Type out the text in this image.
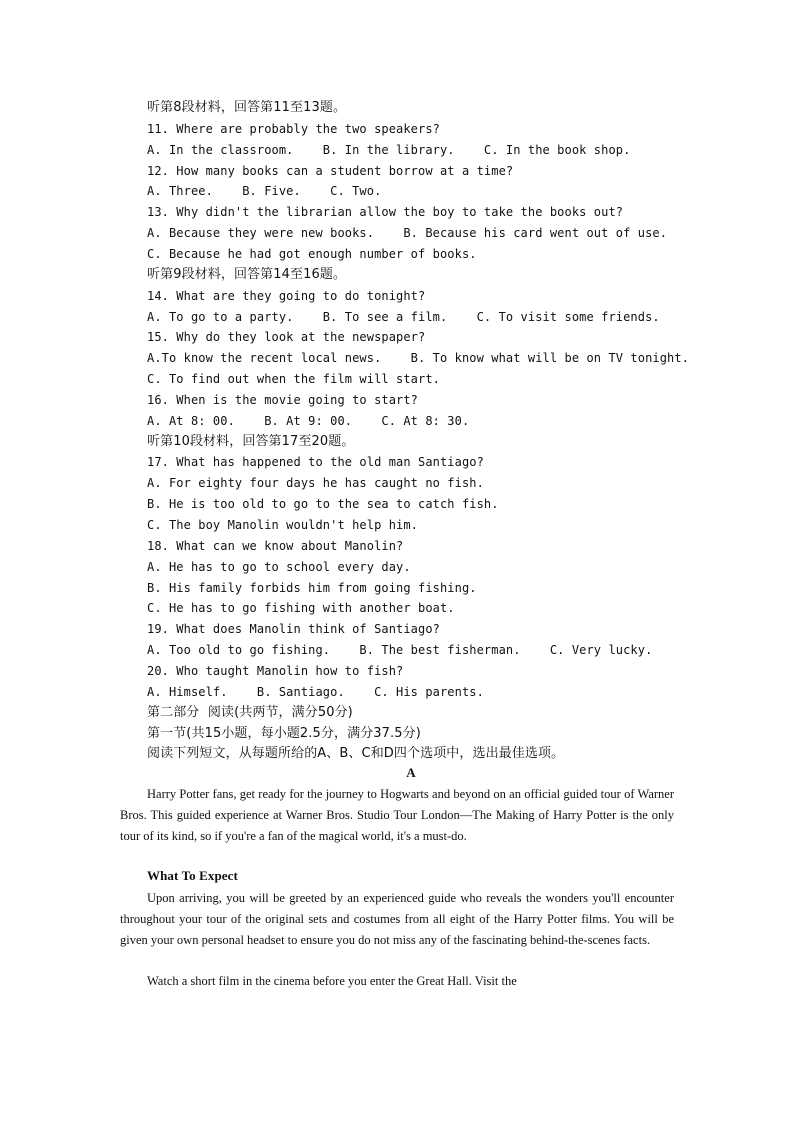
听第8段材料，回答第11至13题。
11. Where are probably the two speakers?
A. In the classroom.    B. In the library.    C. In the book shop.
12. How many books can a student borrow at a time?
A. Three.    B. Five.    C. Two.
13. Why didn't the librarian allow the boy to take the books out?
A. Because they were new books.    B. Because his card went out of use.
C. Because he had got enough number of books.
听第9段材料，回答第14至16题。
14. What are they going to do tonight?
A. To go to a party.    B. To see a film.    C. To visit some friends.
15. Why do they look at the newspaper?
A.To know the recent local news.    B. To know what will be on TV tonight.
C. To find out when the film will start.
16. When is the movie going to start?
A. At 8: 00.    B. At 9: 00.    C. At 8: 30.
听第10段材料，回答第17至20题。
17. What has happened to the old man Santiago?
A. For eighty four days he has caught no fish.
B. He is too old to go to the sea to catch fish.
C. The boy Manolin wouldn't help him.
18. What can we know about Manolin?
A. He has to go to school every day.
B. His family forbids him from going fishing.
C. He has to go fishing with another boat.
19. What does Manolin think of Santiago?
A. Too old to go fishing.    B. The best fisherman.    C. Very lucky.
20. Who taught Manolin how to fish?
A. Himself.    B. Santiago.    C. His parents.
第二部分  阅读(共两节，满分50分)
第一节(共15小题，每小题2.5分，满分37.5分)
阅读下列短文，从每题所给的A、B、C和D四个选项中，选出最佳选项。
A
Harry Potter fans, get ready for the journey to Hogwarts and beyond on an official guided tour of Warner Bros. This guided experience at Warner Bros. Studio Tour London—The Making of Harry Potter is the only tour of its kind, so if you're a fan of the magical world, it's a must-do.
What To Expect
Upon arriving, you will be greeted by an experienced guide who reveals the wonders you'll encounter throughout your tour of the original sets and costumes from all eight of the Harry Potter films. You will be given your own personal headset to ensure you do not miss any of the fascinating behind-the-scenes facts.
Watch a short film in the cinema before you enter the Great Hall. Visit the
